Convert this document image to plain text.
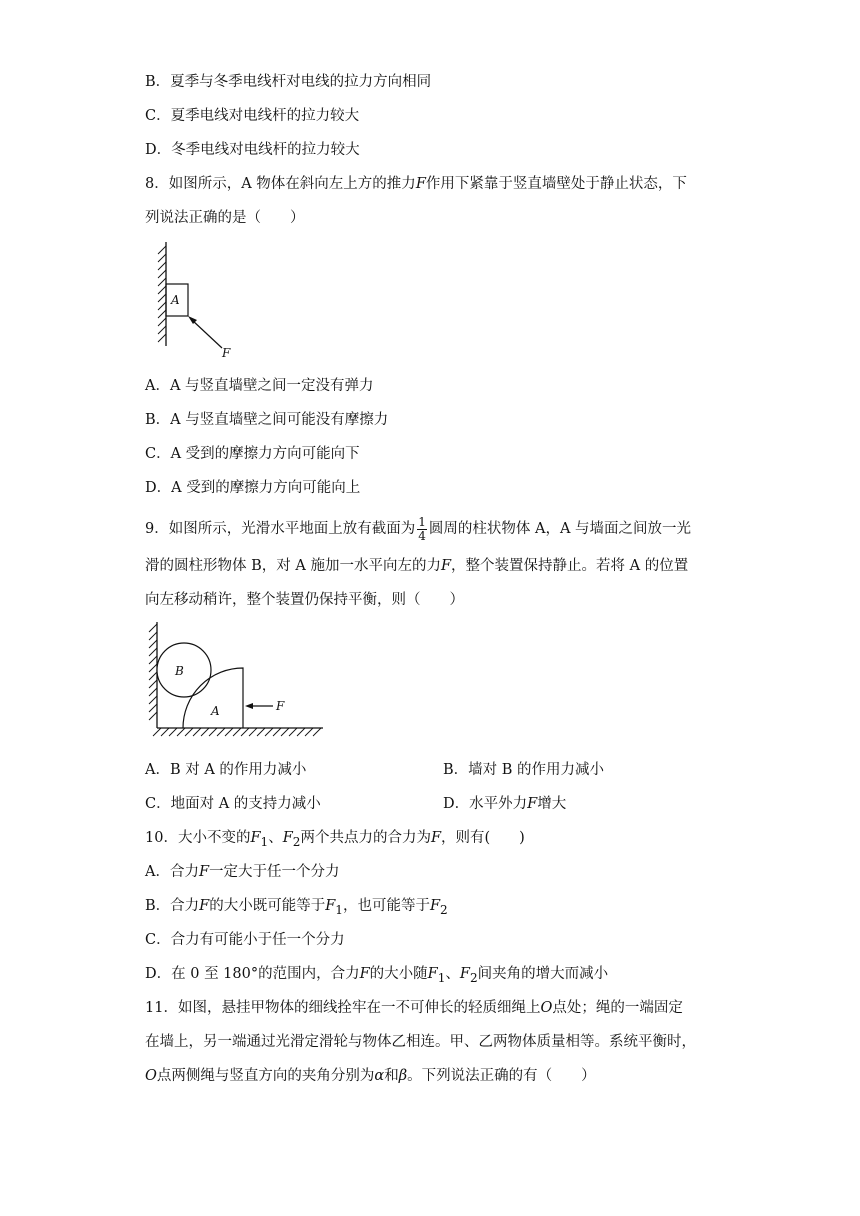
B．夏季与冬季电线杆对电线的拉力方向相同
C．夏季电线对电线杆的拉力较大
D．冬季电线对电线杆的拉力较大
8．如图所示，A 物体在斜向左上方的推力F作用下紧靠于竖直墙壁处于静止状态，下
列说法正确的是（　　）
A
F
A．A 与竖直墙壁之间一定没有弹力
B．A 与竖直墙壁之间可能没有摩擦力
C．A 受到的摩擦力方向可能向下
D．A 受到的摩擦力方向可能向上
9．如图所示，光滑水平地面上放有截面为 $\frac{1}{4}$ 圆周的柱状物体 A，A 与墙面之间放一光
滑的圆柱形物体 B，对 A 施加一水平向左的力F，整个装置保持静止。若将 A 的位置
向左移动稍许，整个装置仍保持平衡，则（　　）
B
A	F
A．B 对 A 的作用力减小	B．墙对 B 的作用力减小
C．地面对 A 的支持力减小	D．水平外力F增大
10．大小不变的$F_1$、$F_2$两个共点力的合力为F，则有(　　)
A．合力F一定大于任一个分力
B．合力F的大小既可能等于$F_1$，也可能等于$F_2$
C．合力有可能小于任一个分力
D．在 0 至 180°的范围内，合力F的大小随$F_1$、$F_2$间夹角的增大而减小
11．如图，悬挂甲物体的细线拴牢在一不可伸长的轻质细绳上O点处；绳的一端固定
在墙上，另一端通过光滑定滑轮与物体乙相连。甲、乙两物体质量相等。系统平衡时，
O点两侧绳与竖直方向的夹角分别为α和β。下列说法正确的有（　　）
